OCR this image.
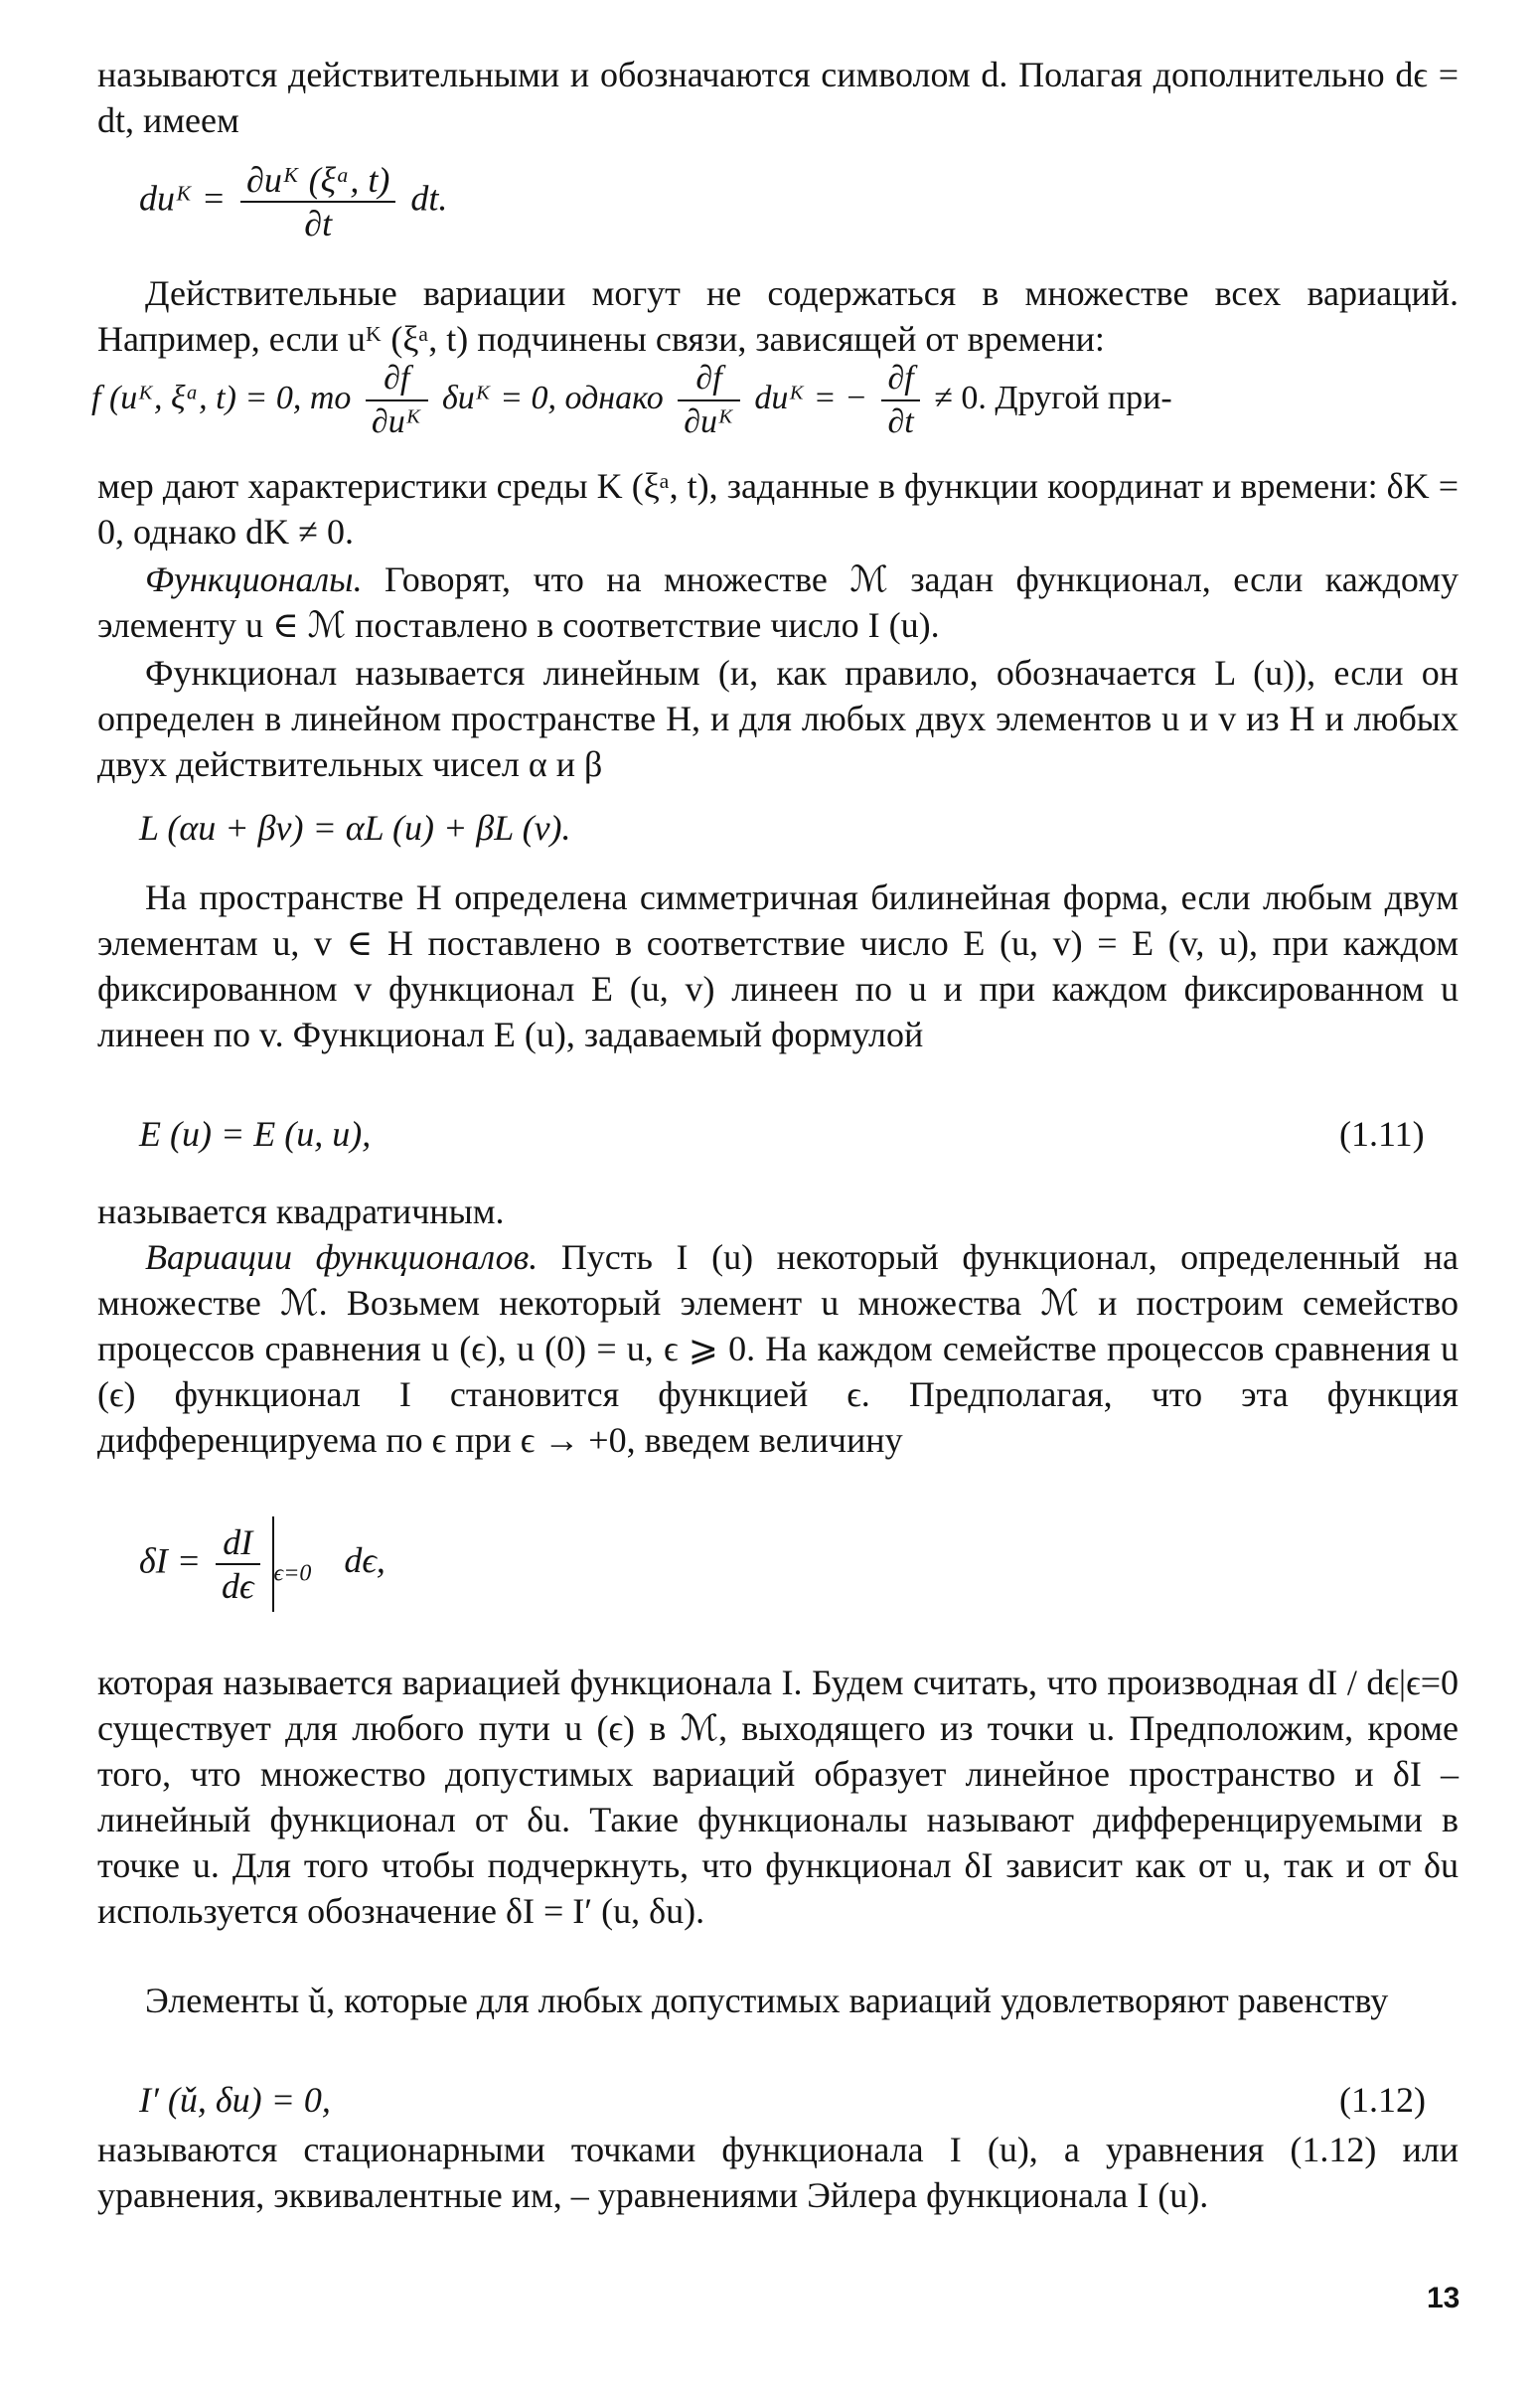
называются действительными и обозначаются символом d. Полагая дополнительно dϵ = dt, имеем

duᴷ = $\frac{\text{∂uᴷ (ξᵃ, t)}}{\partial t}$ dt.

Действительные вариации могут не содержаться в множестве всех вариаций. Например, если uᴷ (ξᵃ, t) подчинены связи, зависящей от времени:

f (uᴷ, ξᵃ, t) = 0, то $\frac{\partial f}{\text{∂uᴷ}}$ δuᴷ = 0, однако $\frac{\partial f}{\text{∂uᴷ}}$ duᴷ = − $\frac{\partial f}{\partial t} \ne 0$. Другой при-

мер дают характеристики среды K (ξᵃ, t), заданные в функции координат и времени: δK = 0, однако dK ≠ 0.

Функционалы. Говорят, что на множестве ℳ задан функционал, если каждому элементу u ∈ ℳ поставлено в соответствие число I (u).

Функционал называется линейным (и, как правило, обозначается L (u)), если он определен в линейном пространстве H, и для любых двух элементов u и v из H и любых двух действительных чисел α и β

L (αu + βv) = αL (u) + βL (v).

На пространстве H определена симметричная билинейная форма, если любым двум элементам u, v ∈ H поставлено в соответствие число E (u, v) = E (v, u), при каждом фиксированном v функционал E (u, v) линеен по u и при каждом фиксированном u линеен по v. Функционал E (u), задаваемый формулой

E (u) = E (u, u),	(1.11)

называется квадратичным.

Вариации функционалов. Пусть I (u) некоторый функционал, определенный на множестве ℳ. Возьмем некоторый элемент u множества ℳ и построим семейство процессов сравнения u (ϵ), u (0) = u, ϵ ⩾ 0. На каждом семействе процессов сравнения u (ϵ) функционал I становится функцией ϵ. Предполагая, что эта функция дифференцируема по ϵ при ϵ → +0, введем величину

$\delta I = \frac{dI}{d\epsilon} _{\epsilon=0}$ dϵ,

которая называется вариацией функционала I. Будем считать, что производная dI / dϵ|ϵ=0 существует для любого пути u (ϵ) в ℳ, выходящего из точки u. Предположим, кроме того, что множество допустимых вариаций образует линейное пространство и δI – линейный функционал от δu. Такие функционалы называют дифференцируемыми в точке u. Для того чтобы подчеркнуть, что функционал δI зависит как от u, так и от δu используется обозначение δI = I′ (u, δu).

Элементы ǔ, которые для любых допустимых вариаций удовлетворяют равенству

I′ (ǔ, δu) = 0,	(1.12)

называются стационарными точками функционала I (u), а уравнения (1.12) или уравнения, эквивалентные им, – уравнениями Эйлера функционала I (u).

13
